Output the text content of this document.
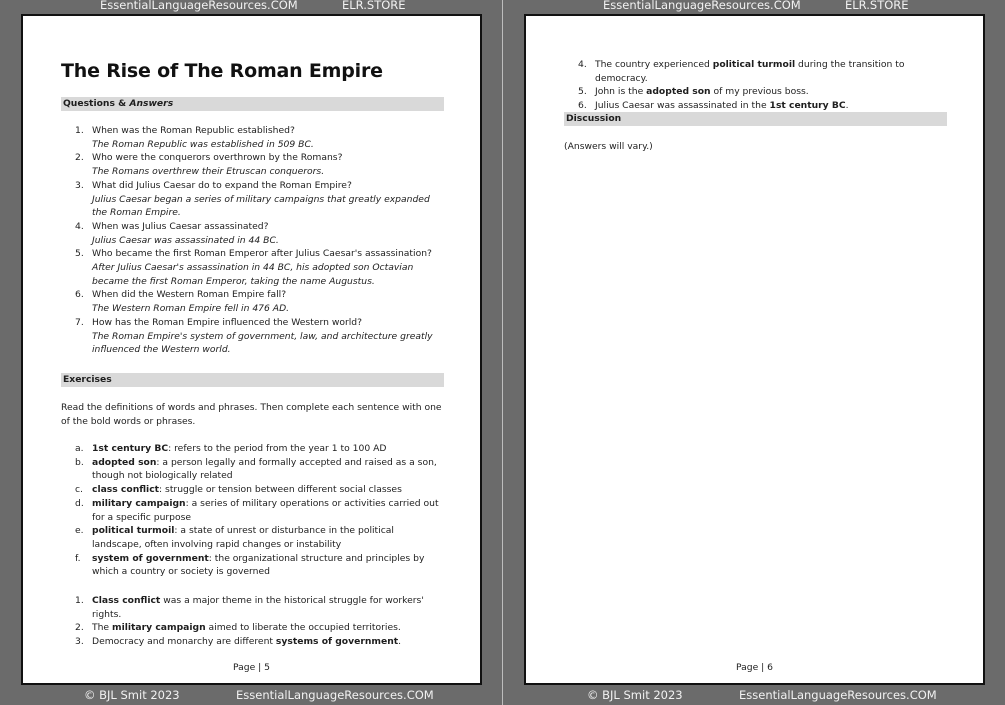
EssentialLanguageResources.COM	ELR.STORE
The Rise of The Roman Empire
Questions & Answers
1. When was the Roman Republic established?
The Roman Republic was established in 509 BC.
2. Who were the conquerors overthrown by the Romans?
The Romans overthrew their Etruscan conquerors.
3. What did Julius Caesar do to expand the Roman Empire?
Julius Caesar began a series of military campaigns that greatly expanded the Roman Empire.
4. When was Julius Caesar assassinated?
Julius Caesar was assassinated in 44 BC.
5. Who became the first Roman Emperor after Julius Caesar's assassination?
After Julius Caesar's assassination in 44 BC, his adopted son Octavian became the first Roman Emperor, taking the name Augustus.
6. When did the Western Roman Empire fall?
The Western Roman Empire fell in 476 AD.
7. How has the Roman Empire influenced the Western world?
The Roman Empire's system of government, law, and architecture greatly influenced the Western world.
Exercises
Read the definitions of words and phrases. Then complete each sentence with one of the bold words or phrases.
a. 1st century BC: refers to the period from the year 1 to 100 AD
b. adopted son: a person legally and formally accepted and raised as a son, though not biologically related
c. class conflict: struggle or tension between different social classes
d. military campaign: a series of military operations or activities carried out for a specific purpose
e. political turmoil: a state of unrest or disturbance in the political landscape, often involving rapid changes or instability
f. system of government: the organizational structure and principles by which a country or society is governed
1. Class conflict was a major theme in the historical struggle for workers' rights.
2. The military campaign aimed to liberate the occupied territories.
3. Democracy and monarchy are different systems of government.
Page | 5
© BJL Smit 2023	EssentialLanguageResources.COM
EssentialLanguageResources.COM	ELR.STORE
4. The country experienced political turmoil during the transition to democracy.
5. John is the adopted son of my previous boss.
6. Julius Caesar was assassinated in the 1st century BC.
Discussion
(Answers will vary.)
Page | 6
© BJL Smit 2023	EssentialLanguageResources.COM
